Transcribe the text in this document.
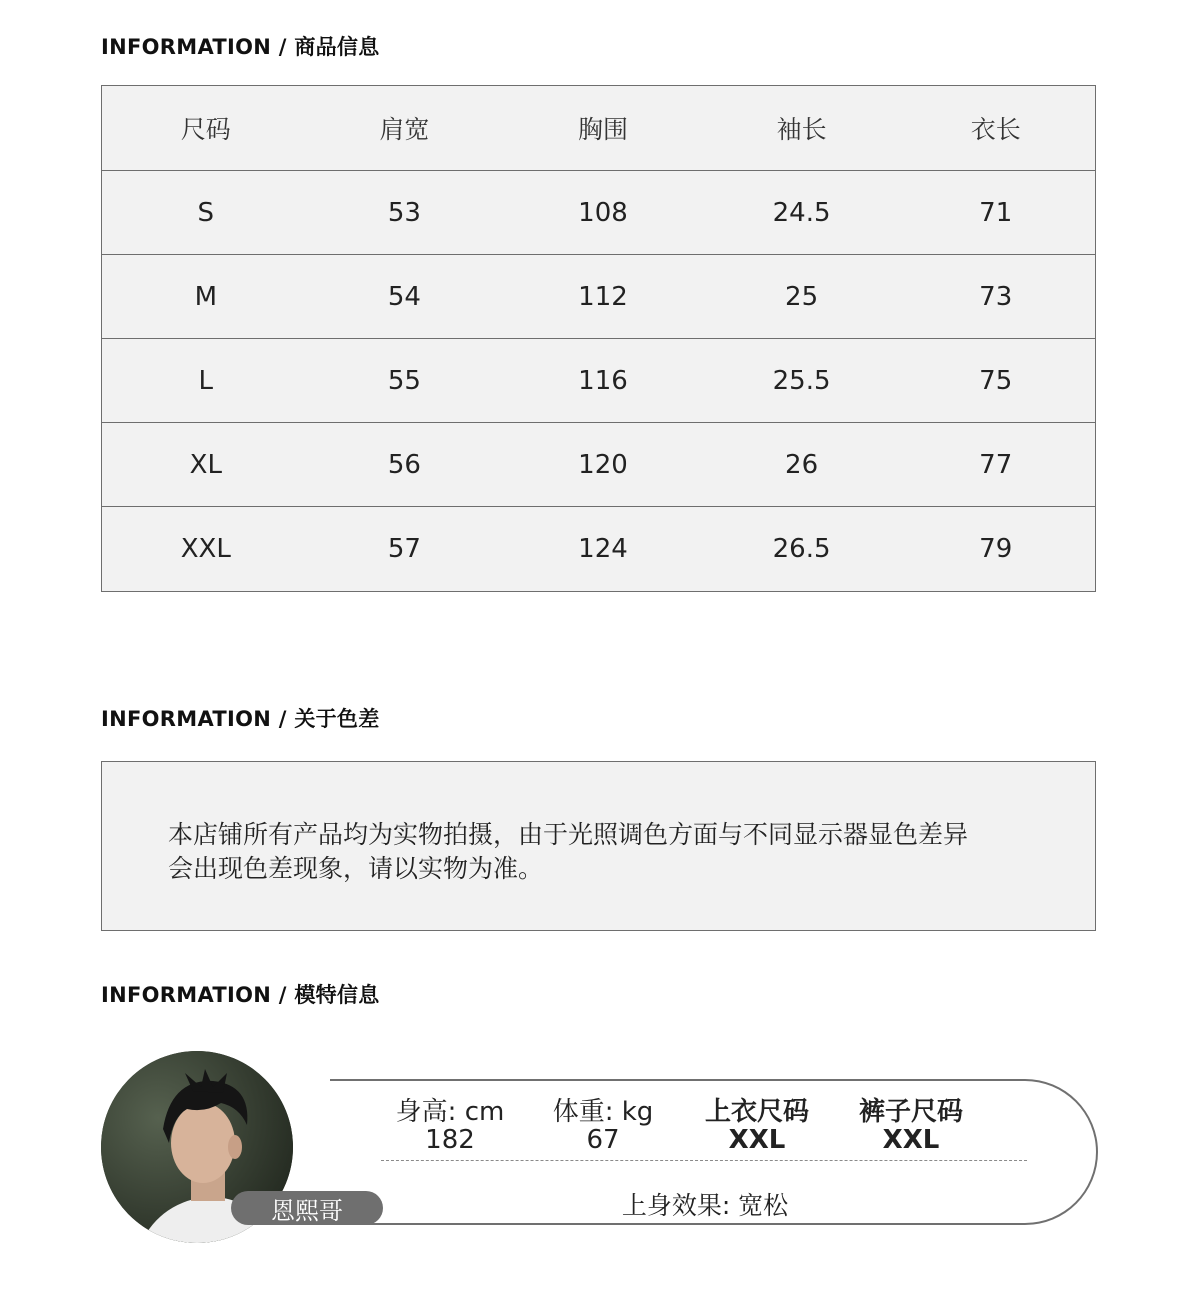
INFORMATION / 商品信息
尺码	肩宽	胸围	袖长	衣长
S	53	108	24.5	71
M	54	112	25	73
L	55	116	25.5	75
XL	56	120	26	77
XXL	57	124	26.5	79
INFORMATION / 关于色差
本店铺所有产品均为实物拍摄，由于光照调色方面与不同显示器显色差异
会出现色差现象，请以实物为准。
INFORMATION / 模特信息
恩熙哥
身高: cm
182
体重: kg
67
上衣尺码
XXL
裤子尺码
XXL
上身效果: 宽松
